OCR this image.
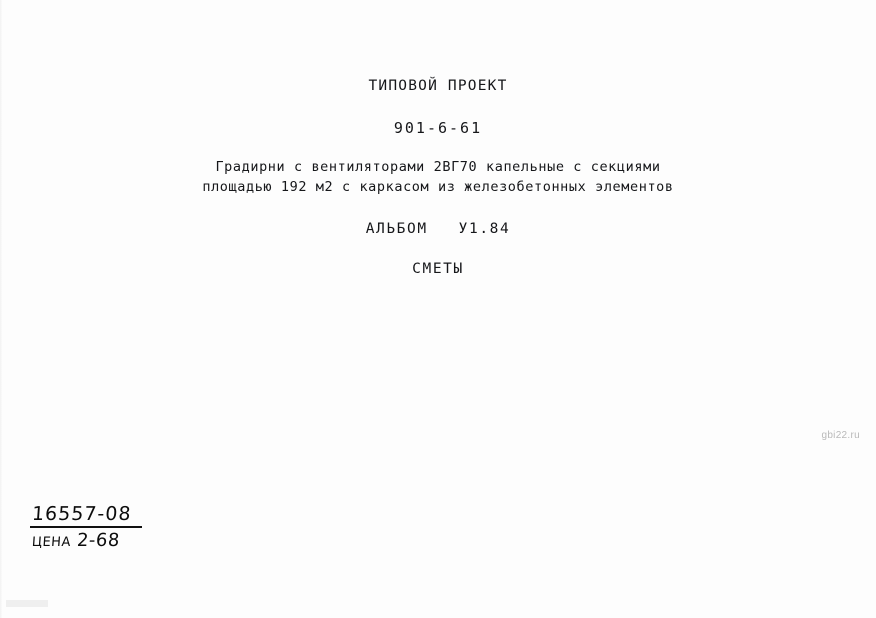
ТИПОВОЙ ПРОЕКТ
901-6-61
Градирни с вентиляторами 2ВГ70 капельные с секциями
площадью 192 м2 с каркасом из железобетонных элементов
АЛЬБОМ   У1.84
СМЕТЫ
16557-08
ЦЕНА 2-68
gbi22.ru
